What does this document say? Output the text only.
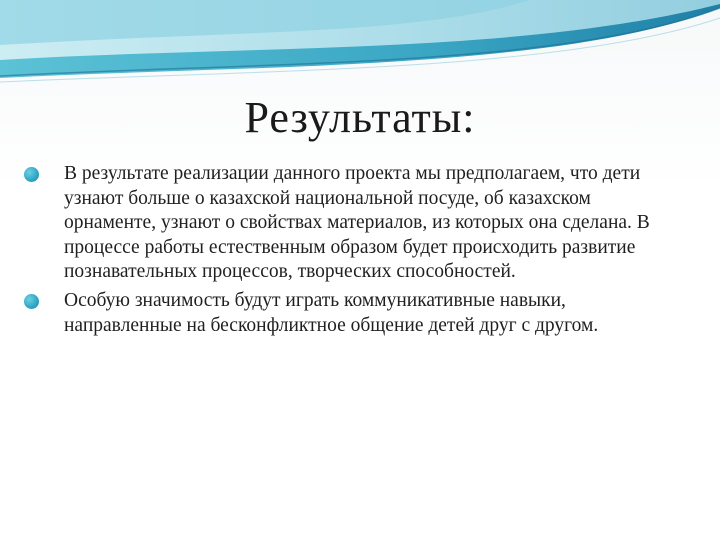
Результаты:
В результате реализации данного проекта мы предполагаем, что дети узнают больше о казахской национальной посуде, об казахском орнаменте, узнают о свойствах материалов, из которых она сделана. В процессе работы естественным образом будет происходить развитие познавательных процессов, творческих способностей.
Особую значимость будут играть коммуникативные навыки, направленные на бесконфликтное общение детей друг с другом.
